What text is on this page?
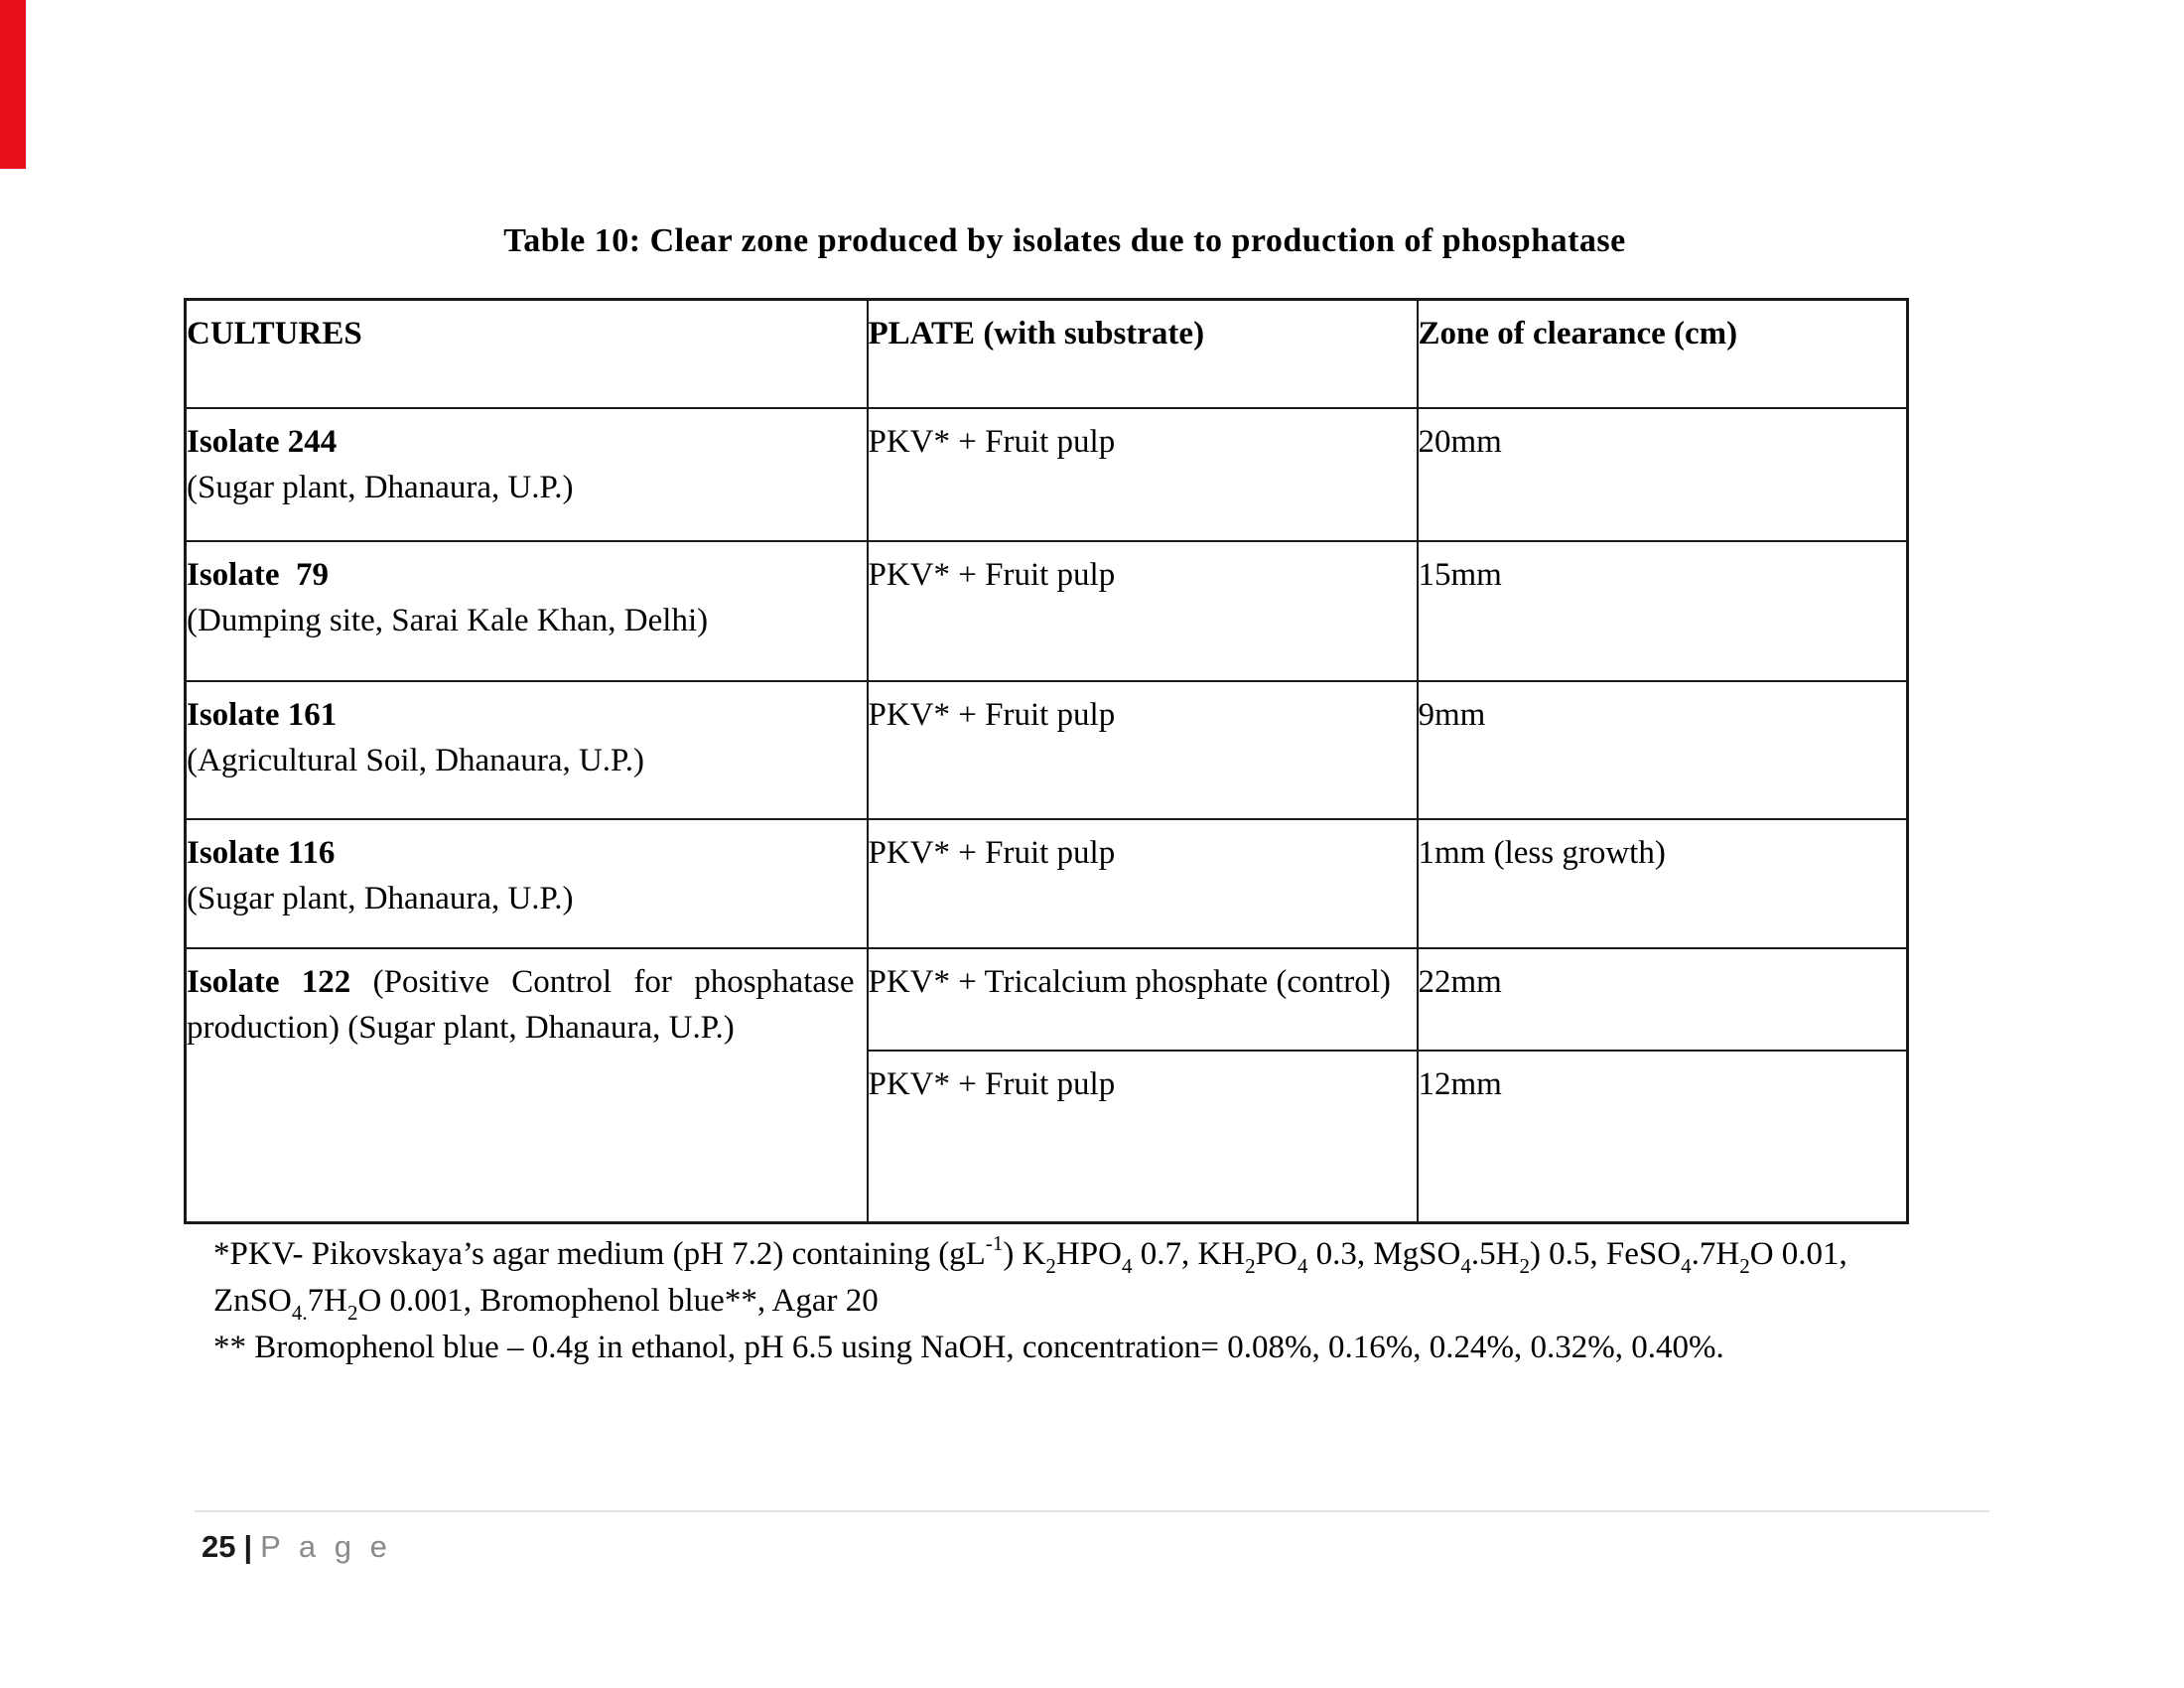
Table 10: Clear zone produced by isolates due to production of phosphatase
CULTURES	PLATE (with substrate)	Zone of clearance (cm)

Isolate 244
(Sugar plant, Dhanaura, U.P.)	PKV* + Fruit pulp	20mm

Isolate  79
(Dumping site, Sarai Kale Khan, Delhi)	PKV* + Fruit pulp	15mm

Isolate 161
(Agricultural Soil, Dhanaura, U.P.)	PKV* + Fruit pulp	9mm

Isolate 116
(Sugar plant, Dhanaura, U.P.)	PKV* + Fruit pulp	1mm (less growth)
Isolate 122 (Positive Control for phosphatase production) (Sugar plant, Dhanaura, U.P.)	PKV* + Tricalcium phosphate (control)	22mm
	PKV* + Fruit pulp	12mm
*PKV- Pikovskaya’s agar medium (pH 7.2) containing (gL-1) K2HPO4 0.7, KH2PO4 0.3, MgSO4.5H2) 0.5, FeSO4.7H2O 0.01,
ZnSO4.7H2O 0.001, Bromophenol blue**, Agar 20
** Bromophenol blue – 0.4g in ethanol, pH 6.5 using NaOH, concentration= 0.08%, 0.16%, 0.24%, 0.32%, 0.40%.
25 | P a g e
